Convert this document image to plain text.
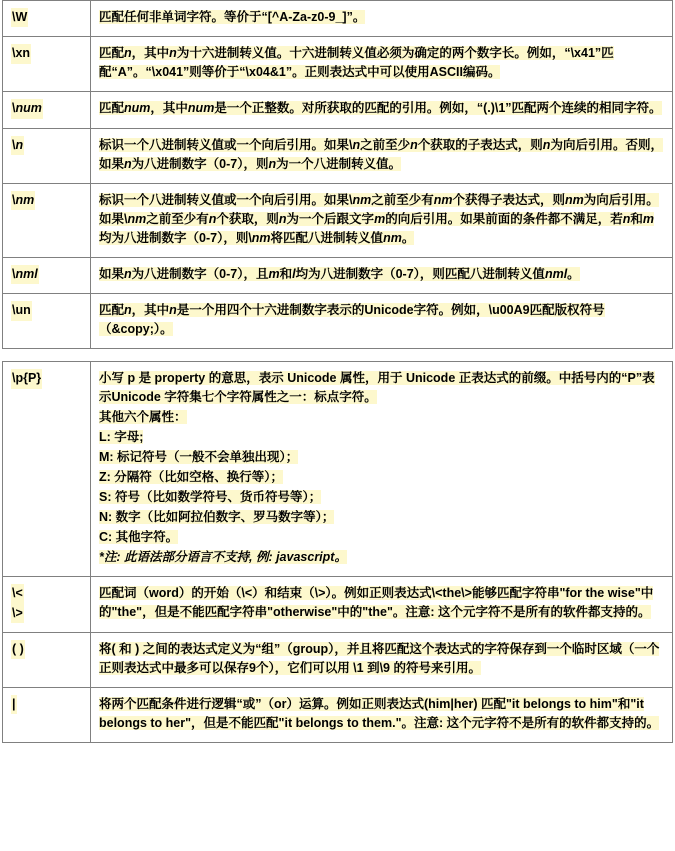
\W	匹配任何非单词字符。等价于“[^A-Za-z0-9_]”。

\xn	匹配n，其中n为十六进制转义值。十六进制转义值必须为确定的两个数字长。例如，“\x41”匹配“A”。“\x041”则等价于“\x04&1”。正则表达式中可以使用ASCII编码。

\num	匹配num，其中num是一个正整数。对所获取的匹配的引用。例如，“(.)\1”匹配两个连续的相同字符。

\n	标识一个八进制转义值或一个向后引用。如果\n之前至少n个获取的子表达式，则n为向后引用。否则，如果n为八进制数字（0-7），则n为一个八进制转义值。

\nm	标识一个八进制转义值或一个向后引用。如果\nm之前至少有nm个获得子表达式，则nm为向后引用。如果\nm之前至少有n个获取，则n为一个后跟文字m的向后引用。如果前面的条件都不满足，若n和m均为八进制数字（0-7），则\nm将匹配八进制转义值nm。

\nml	如果n为八进制数字（0-7），且m和l均为八进制数字（0-7），则匹配八进制转义值nml。

\un	匹配n，其中n是一个用四个十六进制数字表示的Unicode字符。例如，\u00A9匹配版权符号（&copy;）。
\p{P}	小写 p 是 property 的意思，表示 Unicode 属性，用于 Unicode 正表达式的前缀。中括号内的“P”表示Unicode 字符集七个字符属性之一：标点字符。
其他六个属性：
L: 字母;
M: 标记符号（一般不会单独出现）；
Z: 分隔符（比如空格、换行等）；
S: 符号（比如数学符号、货币符号等）；
N: 数字（比如阿拉伯数字、罗马数字等）；
C: 其他字符。
*注: 此语法部分语言不支持, 例: javascript。

\<
\>	匹配词（word）的开始（\<）和结束（\>）。例如正则表达式\<the\>能够匹配字符串"for the wise"中的"the"，但是不能匹配字符串"otherwise"中的"the"。注意: 这个元字符不是所有的软件都支持的。

( )	将( 和 ) 之间的表达式定义为“组”（group），并且将匹配这个表达式的字符保存到一个临时区域（一个正则表达式中最多可以保存9个），它们可以用 \1 到\9 的符号来引用。

|	将两个匹配条件进行逻辑“或”（or）运算。例如正则表达式(him|her) 匹配"it belongs to him"和"it belongs to her"，但是不能匹配"it belongs to them."。注意: 这个元字符不是所有的软件都支持的。
